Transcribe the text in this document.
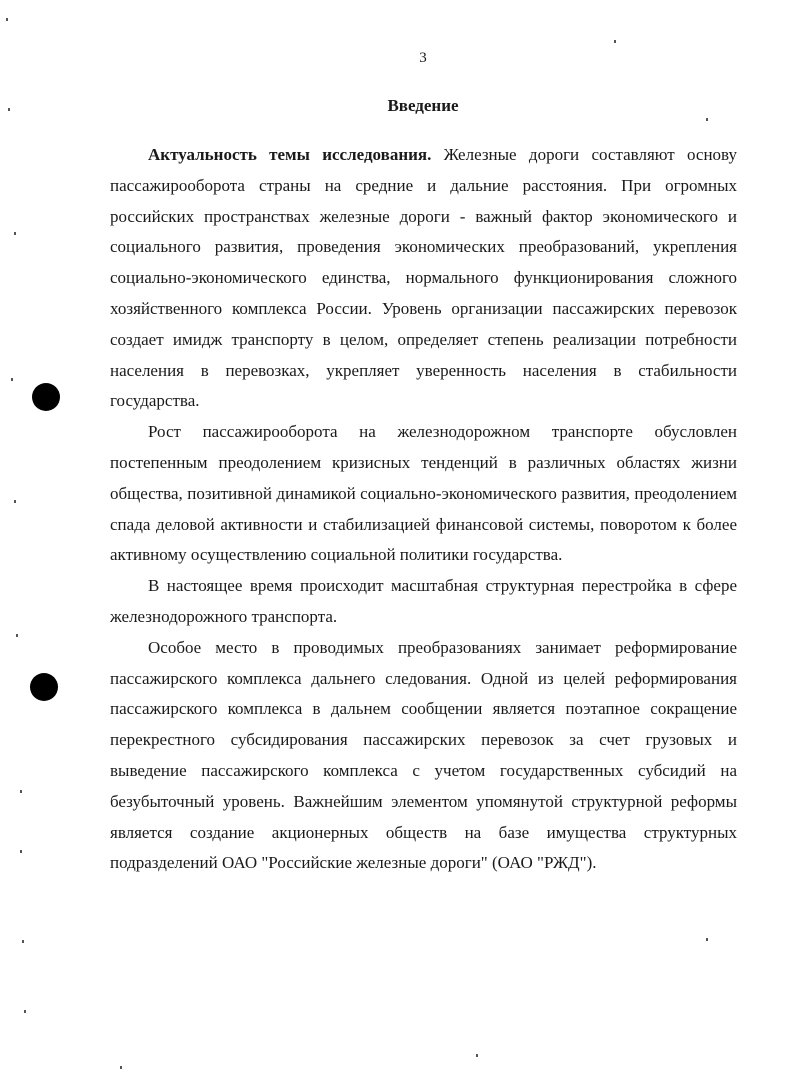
3
Введение

Актуальность темы исследования. Железные дороги составляют основу пассажирооборота страны на средние и дальние расстояния. При огромных российских пространствах железные дороги - важный фактор экономического и социального развития, проведения экономических преобразований, укрепления социально-экономического единства, нормального функционирования сложного хозяйственного комплекса России. Уровень организации пассажирских перевозок создает имидж транспорту в целом, определяет степень реализации потребности населения в перевозках, укрепляет уверенность населения в стабильности государства.

Рост пассажирооборота на железнодорожном транспорте обусловлен постепенным преодолением кризисных тенденций в различных областях жизни общества, позитивной динамикой социально-экономического развития, преодолением спада деловой активности и стабилизацией финансовой системы, поворотом к более активному осуществлению социальной политики государства.

В настоящее время происходит масштабная структурная перестройка в сфере железнодорожного транспорта.

Особое место в проводимых преобразованиях занимает реформирование пассажирского комплекса дальнего следования. Одной из целей реформирования пассажирского комплекса в дальнем сообщении является поэтапное сокращение перекрестного субсидирования пассажирских перевозок за счет грузовых и выведение пассажирского комплекса с учетом государственных субсидий на безубыточный уровень. Важнейшим элементом упомянутой структурной реформы является создание акционерных обществ на базе имущества структурных подразделений ОАО "Российские железные дороги" (ОАО "РЖД").
